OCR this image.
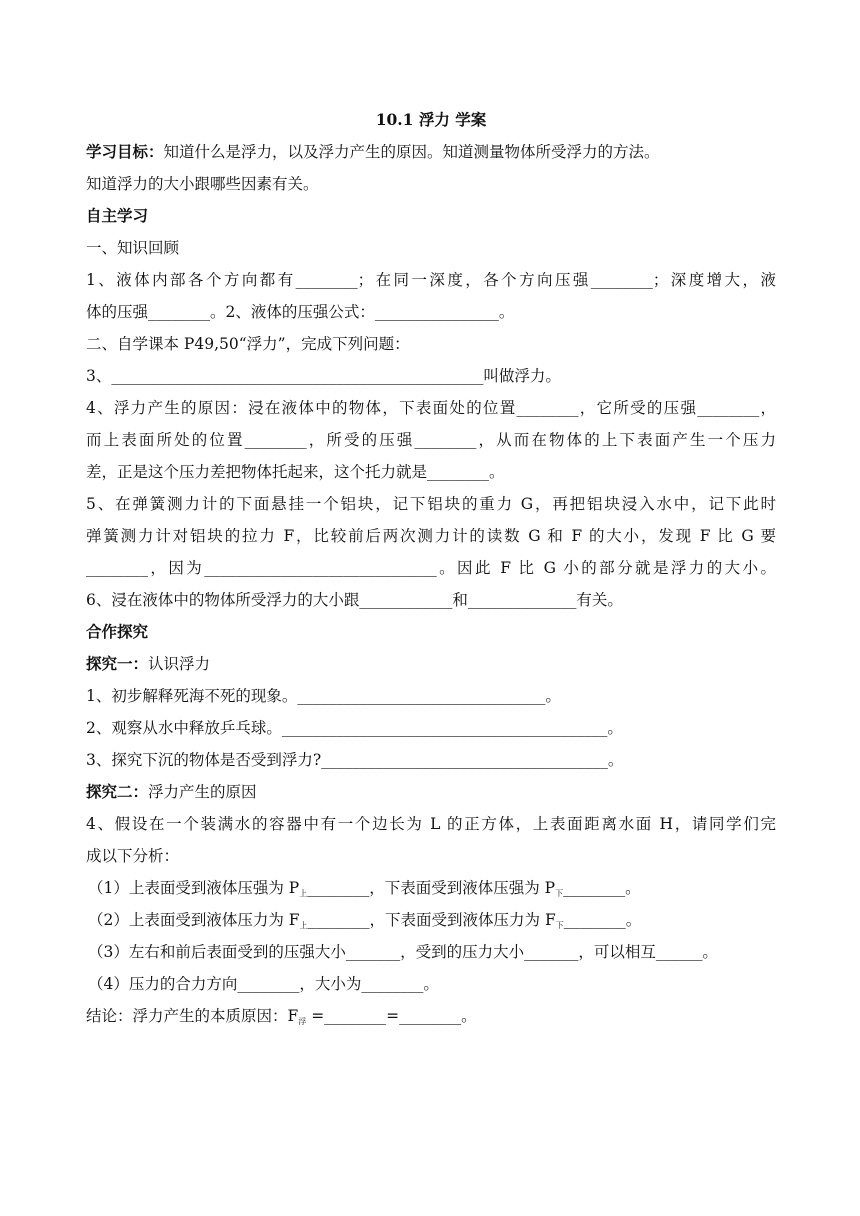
10.1 浮力 学案
学习目标：知道什么是浮力，以及浮力产生的原因。知道测量物体所受浮力的方法。
知道浮力的大小跟哪些因素有关。
自主学习
一、知识回顾
1、液体内部各个方向都有________；在同一深度，各个方向压强________；深度增大，液
体的压强________。2、液体的压强公式：________________。
二、自学课本 P49,50“浮力”，完成下列问题：
3、________________________________________________叫做浮力。
4、浮力产生的原因：浸在液体中的物体，下表面处的位置________，它所受的压强________，
而上表面所处的位置________，所受的压强________，从而在物体的上下表面产生一个压力
差，正是这个压力差把物体托起来，这个托力就是________。
5、在弹簧测力计的下面悬挂一个铝块，记下铝块的重力 G，再把铝块浸入水中，记下此时
弹簧测力计对铝块的拉力 F，比较前后两次测力计的读数 G 和 F 的大小，发现 F 比 G 要
________，因为______________________________。因此 F 比 G 小的部分就是浮力的大小。
6、浸在液体中的物体所受浮力的大小跟____________和______________有关。
合作探究
探究一：认识浮力
1、初步解释死海不死的现象。________________________________。
2、观察从水中释放乒乓球。__________________________________________。
3、探究下沉的物体是否受到浮力?_____________________________________。
探究二：浮力产生的原因
4、假设在一个装满水的容器中有一个边长为 L 的正方体，上表面距离水面 H，请同学们完
成以下分析：
（1）上表面受到液体压强为 P上________，下表面受到液体压强为 P下________。
（2）上表面受到液体压力为 F上________，下表面受到液体压力为 F下________。
（3）左右和前后表面受到的压强大小_______，受到的压力大小_______，可以相互______。
（4）压力的合力方向________，大小为________。
结论：浮力产生的本质原因：F浮 =________=________。
